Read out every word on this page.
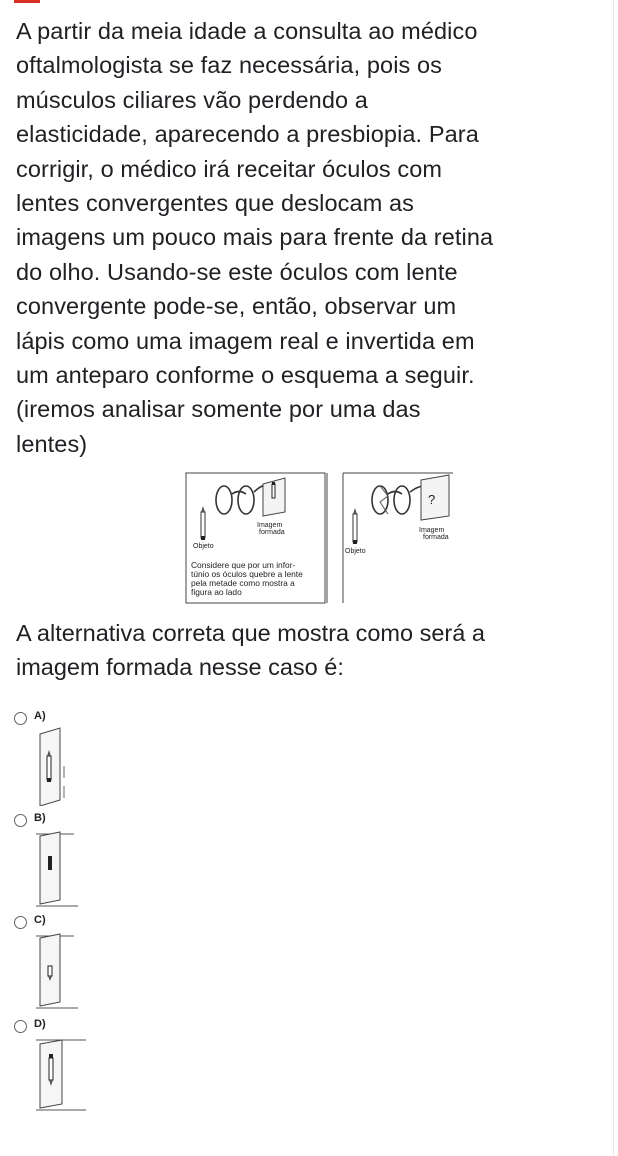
A partir da meia idade a consulta ao médico
oftalmologista se faz necessária, pois os
músculos ciliares vão perdendo a
elasticidade, aparecendo a presbiopia. Para
corrigir, o médico irá receitar óculos com
lentes convergentes que deslocam as
imagens um pouco mais para frente da retina
do olho. Usando-se este óculos com lente
convergente pode-se, então, observar um
lápis como uma imagem real e invertida em
um anteparo conforme o esquema a seguir.
(iremos analisar somente por uma das
lentes)

Imagem
formada
Objeto
Considere que por um infor-
túnio os óculos quebre a lente
pela metade como mostra a
figura ao lado
?
Imagem
formada
Objeto

A alternativa correta que mostra como será a
imagem formada nesse caso é:

A)
B)
C)
D)
